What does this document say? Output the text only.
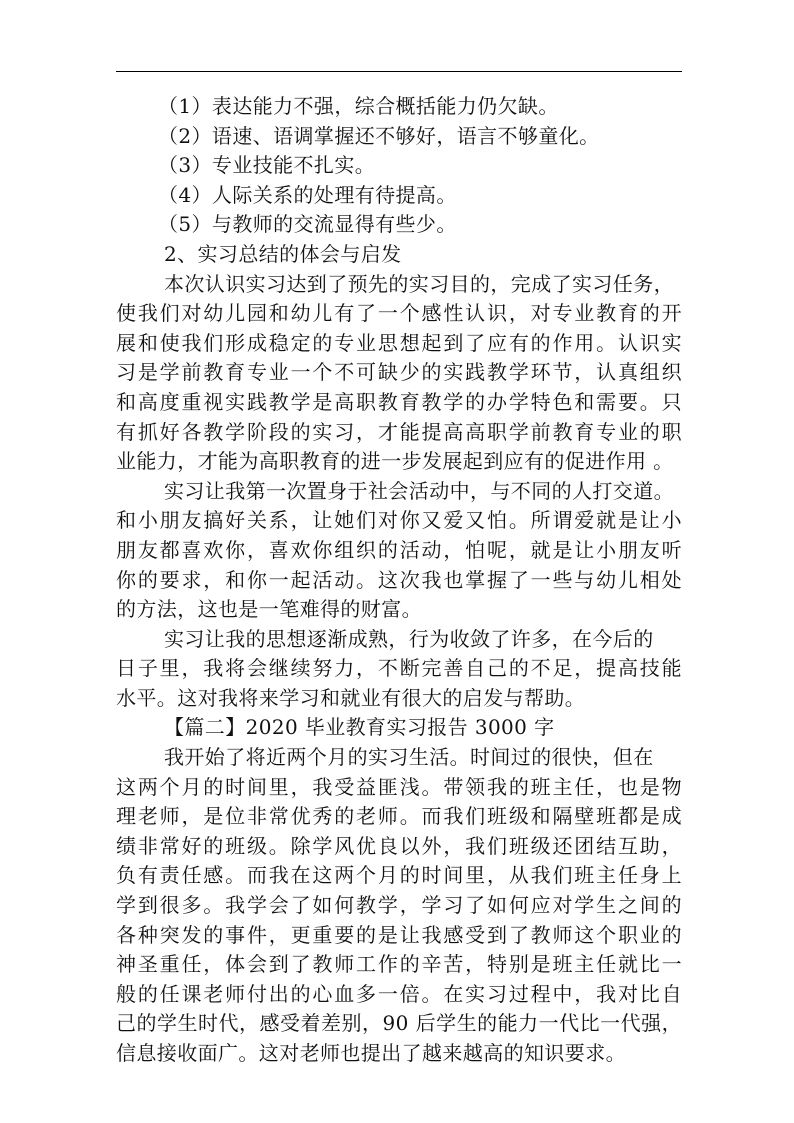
（1）表达能力不强，综合概括能力仍欠缺。
（2）语速、语调掌握还不够好，语言不够童化。
（3）专业技能不扎实。
（4）人际关系的处理有待提高。
（5）与教师的交流显得有些少。
2、实习总结的体会与启发
本次认识实习达到了预先的实习目的，完成了实习任务，
使我们对幼儿园和幼儿有了一个感性认识，对专业教育的开
展和使我们形成稳定的专业思想起到了应有的作用。认识实
习是学前教育专业一个不可缺少的实践教学环节，认真组织
和高度重视实践教学是高职教育教学的办学特色和需要。只
有抓好各教学阶段的实习，才能提高高职学前教育专业的职
业能力，才能为高职教育的进一步发展起到应有的促进作用 。
实习让我第一次置身于社会活动中，与不同的人打交道。
和小朋友搞好关系，让她们对你又爱又怕。所谓爱就是让小
朋友都喜欢你，喜欢你组织的活动，怕呢，就是让小朋友听
你的要求，和你一起活动。这次我也掌握了一些与幼儿相处
的方法，这也是一笔难得的财富。
实习让我的思想逐渐成熟，行为收敛了许多，在今后的
日子里，我将会继续努力，不断完善自己的不足，提高技能
水平。这对我将来学习和就业有很大的启发与帮助。
【篇二】2020 毕业教育实习报告 3000 字
我开始了将近两个月的实习生活。时间过的很快，但在
这两个月的时间里，我受益匪浅。带领我的班主任，也是物
理老师，是位非常优秀的老师。而我们班级和隔壁班都是成
绩非常好的班级。除学风优良以外，我们班级还团结互助，
负有责任感。而我在这两个月的时间里，从我们班主任身上
学到很多。我学会了如何教学，学习了如何应对学生之间的
各种突发的事件，更重要的是让我感受到了教师这个职业的
神圣重任，体会到了教师工作的辛苦，特别是班主任就比一
般的任课老师付出的心血多一倍。在实习过程中，我对比自
己的学生时代，感受着差别，90 后学生的能力一代比一代强，
信息接收面广。这对老师也提出了越来越高的知识要求。
